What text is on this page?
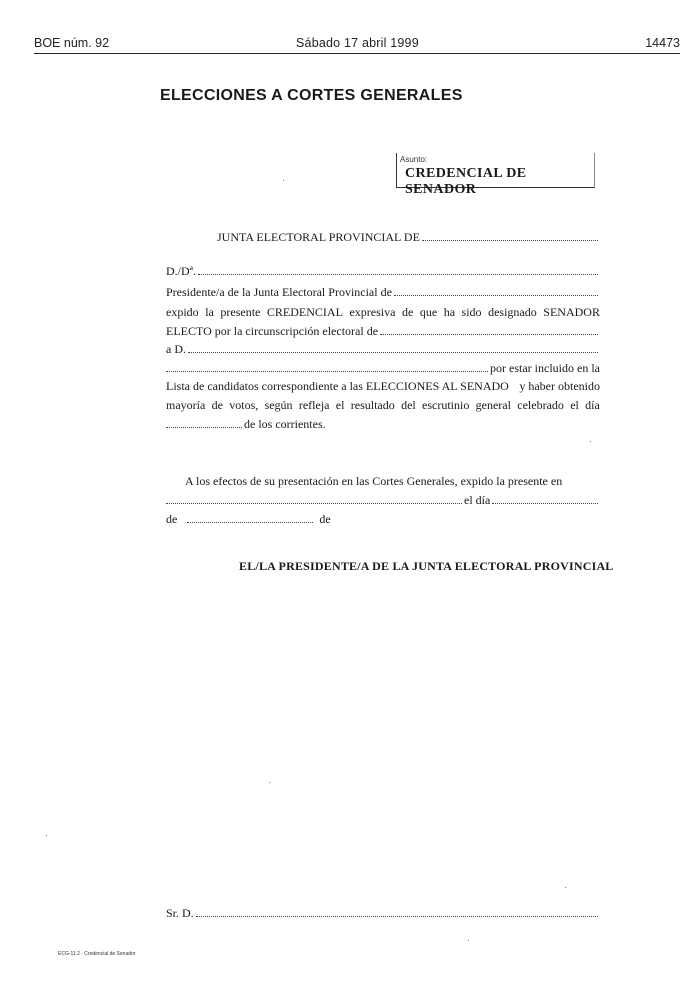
BOE núm. 92	Sábado 17 abril 1999	14473
ELECCIONES A CORTES GENERALES
Asunto:
CREDENCIAL DE SENADOR
JUNTA ELECTORAL PROVINCIAL DE
D./Dª.
Presidente/a de la Junta Electoral Provincial de
expido la presente CREDENCIAL expresiva de que ha sido designado SENADOR
ELECTO por la circunscripción electoral de
a D.
por estar incluido en la
Lista de candidatos correspondiente a las ELECCIONES AL SENADO y haber obtenido
mayoría de votos, según refleja el resultado del escrutinio general celebrado el día
de los corrientes.
A los efectos de su presentación en las Cortes Generales, expido la presente en
el día
de	de
EL/LA PRESIDENTE/A DE LA JUNTA ELECTORAL PROVINCIAL
Sr. D.
ECG-11.2 · Credencial de Senador
